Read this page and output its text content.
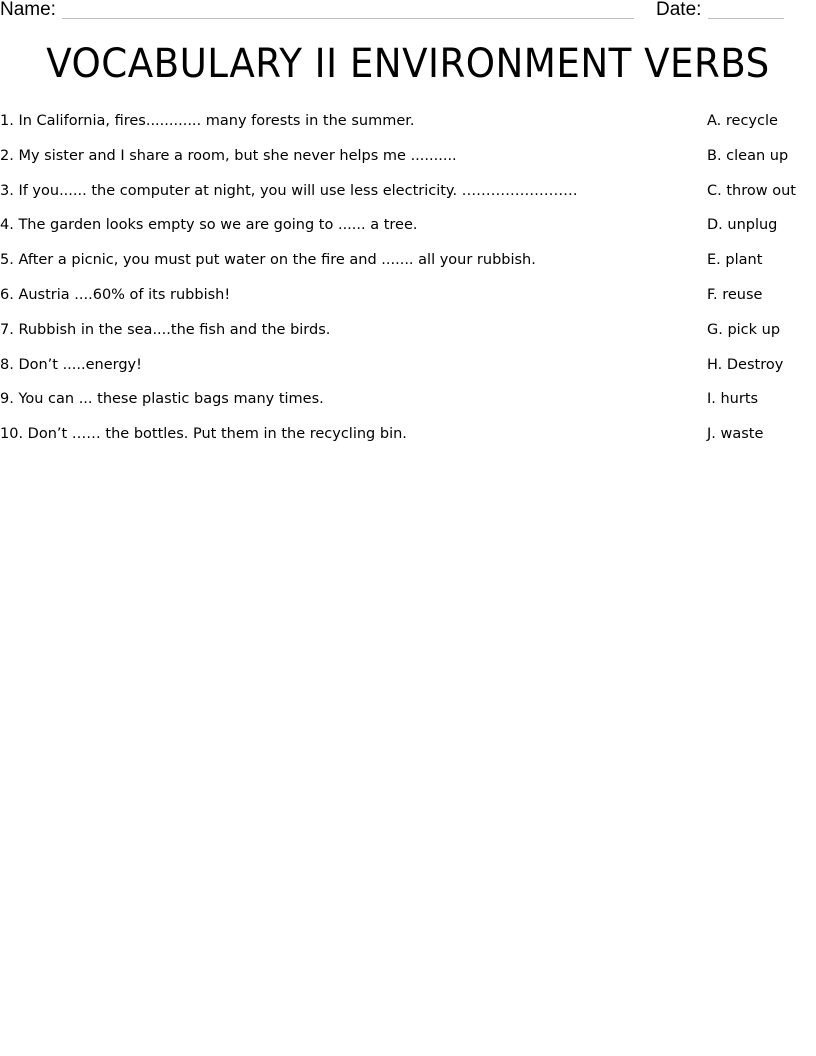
Name:	Date:
VOCABULARY II ENVIRONMENT VERBS
1. In California, fires............ many forests in the summer.
2. My sister and I share a room, but she never helps me ..........
3. If you...... the computer at night, you will use less electricity. ……………………
4. The garden looks empty so we are going to ...... a tree.
5. After a picnic, you must put water on the fire and ....... all your rubbish.
6. Austria ....60% of its rubbish!
7. Rubbish in the sea....the fish and the birds.
8. Don’t .....energy!
9. You can ... these plastic bags many times.
10. Don’t …… the bottles. Put them in the recycling bin.
A. recycle
B. clean up
C. throw out
D. unplug
E. plant
F. reuse
G. pick up
H. Destroy
I. hurts
J. waste
